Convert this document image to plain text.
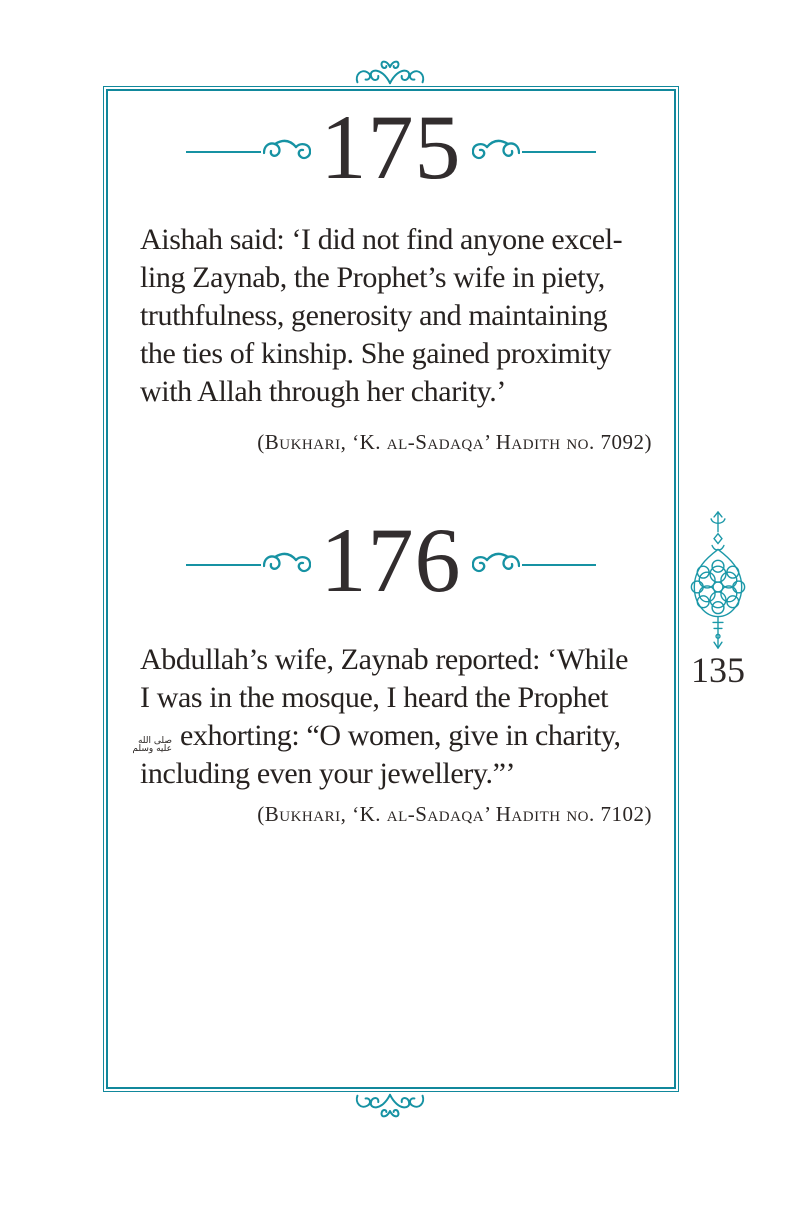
175
Aishah said: ‘I did not find anyone excel-
ling Zaynab, the Prophet’s wife in piety,
truthfulness, generosity and maintaining
the ties of kinship. She gained proximity
with Allah through her charity.’
(Bukhari, ‘K. al-Sadaqa’ Hadith no. 7092)
176
Abdullah’s wife, Zaynab reported: ‘While
I was in the mosque, I heard the Prophet
صلى الله
عليه وسلم exhorting: “O women, give in charity,
including even your jewellery.”’
(Bukhari, ‘K. al-Sadaqa’ Hadith no. 7102)
135
